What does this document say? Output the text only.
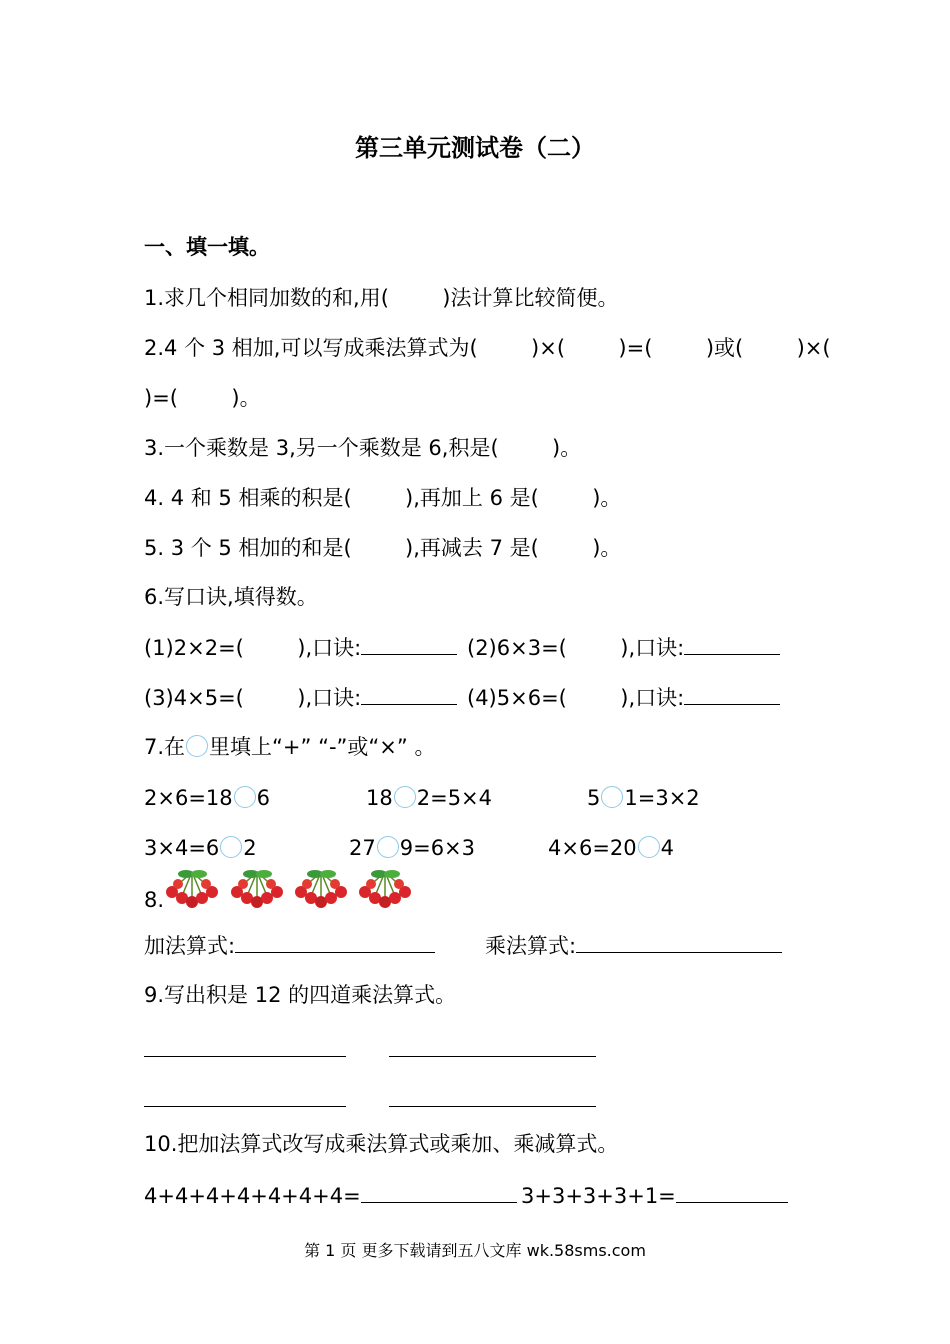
第三单元测试卷（二）
一、填一填。
1.求几个相同加数的和,用(        )法计算比较简便。
2.4 个 3 相加,可以写成乘法算式为(        )×(        )=(        )或(        )×(
)=(        )。
3.一个乘数是 3,另一个乘数是 6,积是(        )。
4. 4 和 5 相乘的积是(        ),再加上 6 是(        )。
5. 3 个 5 相加的和是(        ),再减去 7 是(        )。
6.写口诀,填得数。
(1)2×2=(        ),口诀:	(2)6×3=(        ),口诀:
(3)4×5=(        ),口诀:	(4)5×6=(        ),口诀:
7.在 里填上“+” “-”或“×” 。
2×6=18 6	18 2=5×4	5 1=3×2
3×4=6 2	27 9=6×3	4×6=20 4
8.
加法算式:	乘法算式:
9.写出积是 12 的四道乘法算式。
10.把加法算式改写成乘法算式或乘加、乘减算式。
4+4+4+4+4+4+4=	3+3+3+3+1=
第 1 页 更多下载请到五八文库 wk.58sms.com
